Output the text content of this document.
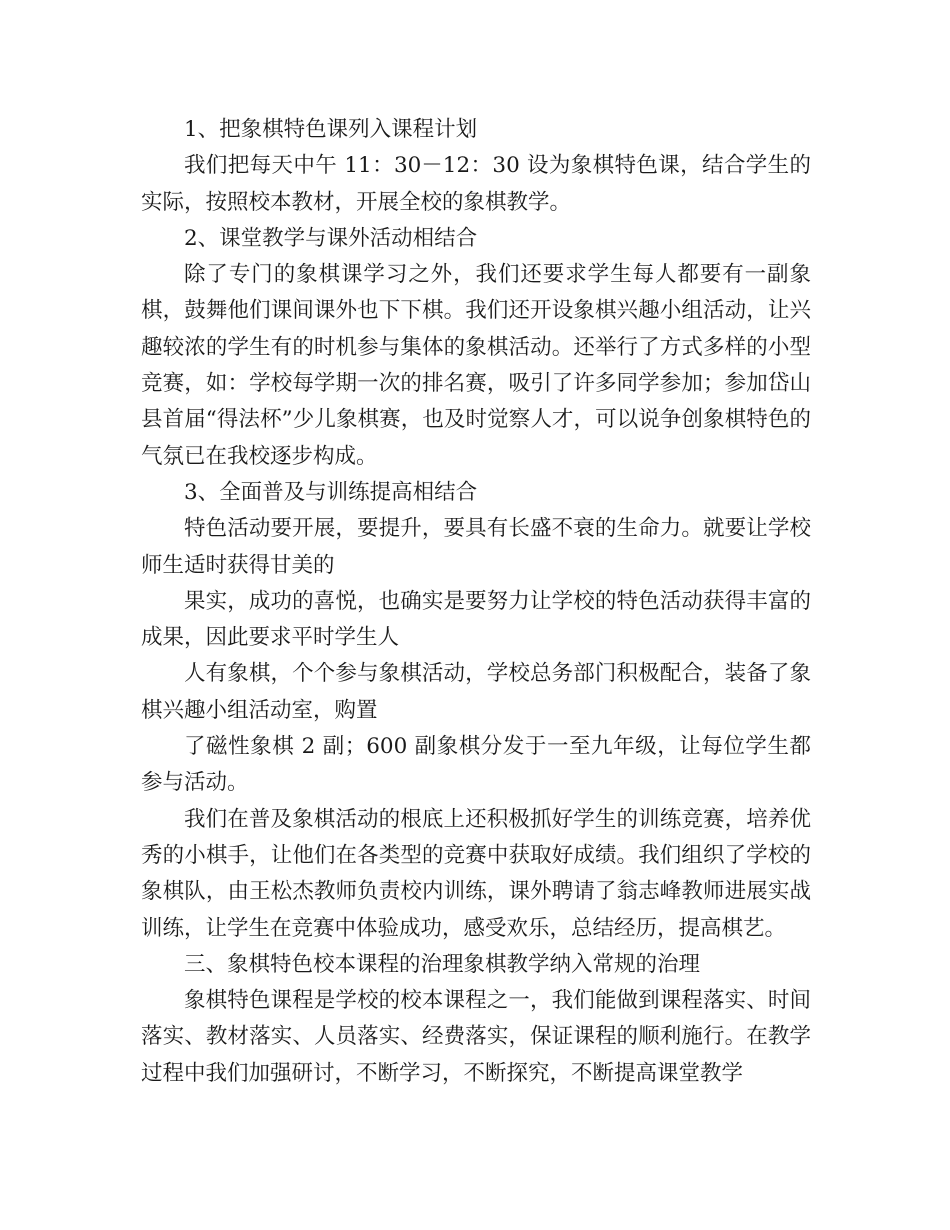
1、把象棋特色课列入课程计划

我们把每天中午 11：30－12：30 设为象棋特色课，结合学生的实际，按照校本教材，开展全校的象棋教学。

2、课堂教学与课外活动相结合

除了专门的象棋课学习之外，我们还要求学生每人都要有一副象棋，鼓舞他们课间课外也下下棋。我们还开设象棋兴趣小组活动，让兴趣较浓的学生有的时机参与集体的象棋活动。还举行了方式多样的小型竞赛，如：学校每学期一次的排名赛，吸引了许多同学参加；参加岱山县首届“得法杯”少儿象棋赛，也及时觉察人才，可以说争创象棋特色的气氛已在我校逐步构成。

3、全面普及与训练提高相结合

特色活动要开展，要提升，要具有长盛不衰的生命力。就要让学校师生适时获得甘美的

果实，成功的喜悦，也确实是要努力让学校的特色活动获得丰富的成果，因此要求平时学生人

人有象棋，个个参与象棋活动，学校总务部门积极配合，装备了象棋兴趣小组活动室，购置

了磁性象棋 2 副；600 副象棋分发于一至九年级，让每位学生都参与活动。

我们在普及象棋活动的根底上还积极抓好学生的训练竞赛，培养优秀的小棋手，让他们在各类型的竞赛中获取好成绩。我们组织了学校的象棋队，由王松杰教师负责校内训练，课外聘请了翁志峰教师进展实战训练，让学生在竞赛中体验成功，感受欢乐，总结经历，提高棋艺。

三、象棋特色校本课程的治理象棋教学纳入常规的治理

象棋特色课程是学校的校本课程之一，我们能做到课程落实、时间落实、教材落实、人员落实、经费落实，保证课程的顺利施行。在教学过程中我们加强研讨，不断学习，不断探究，不断提高课堂教学
